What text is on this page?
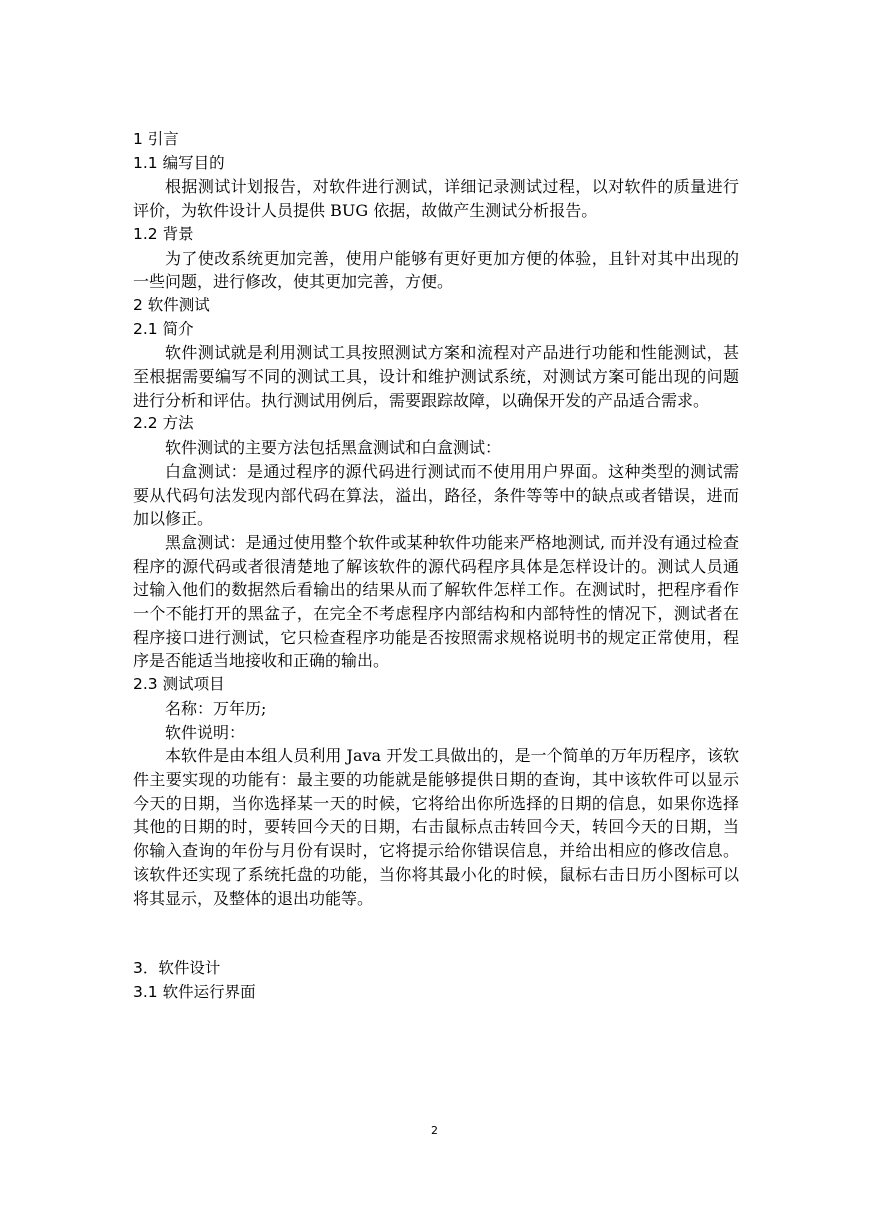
1 引言
1.1 编写目的

根据测试计划报告，对软件进行测试，详细记录测试过程，以对软件的质量进行评价，为软件设计人员提供 BUG 依据，故做产生测试分析报告。

1.2 背景

为了使改系统更加完善，使用户能够有更好更加方便的体验，且针对其中出现的一些问题，进行修改，使其更加完善，方便。

2 软件测试
2.1 简介

软件测试就是利用测试工具按照测试方案和流程对产品进行功能和性能测试，甚至根据需要编写不同的测试工具，设计和维护测试系统，对测试方案可能出现的问题进行分析和评估。执行测试用例后，需要跟踪故障，以确保开发的产品适合需求。

2.2 方法

软件测试的主要方法包括黑盒测试和白盒测试：

白盒测试：是通过程序的源代码进行测试而不使用用户界面。这种类型的测试需要从代码句法发现内部代码在算法，溢出，路径，条件等等中的缺点或者错误，进而加以修正。

黑盒测试：是通过使用整个软件或某种软件功能来严格地测试, 而并没有通过检查程序的源代码或者很清楚地了解该软件的源代码程序具体是怎样设计的。测试人员通过输入他们的数据然后看输出的结果从而了解软件怎样工作。在测试时，把程序看作一个不能打开的黑盆子，在完全不考虑程序内部结构和内部特性的情况下，测试者在程序接口进行测试，它只检查程序功能是否按照需求规格说明书的规定正常使用，程序是否能适当地接收和正确的输出。

2.3 测试项目

名称：万年历;

软件说明：

本软件是由本组人员利用 Java 开发工具做出的，是一个简单的万年历程序，该软件主要实现的功能有：最主要的功能就是能够提供日期的查询，其中该软件可以显示今天的日期，当你选择某一天的时候，它将给出你所选择的日期的信息，如果你选择其他的日期的时，要转回今天的日期，右击鼠标点击转回今天，转回今天的日期，当你输入查询的年份与月份有误时，它将提示给你错误信息，并给出相应的修改信息。该软件还实现了系统托盘的功能，当你将其最小化的时候，鼠标右击日历小图标可以将其显示，及整体的退出功能等。

3．软件设计
3.1 软件运行界面
2
